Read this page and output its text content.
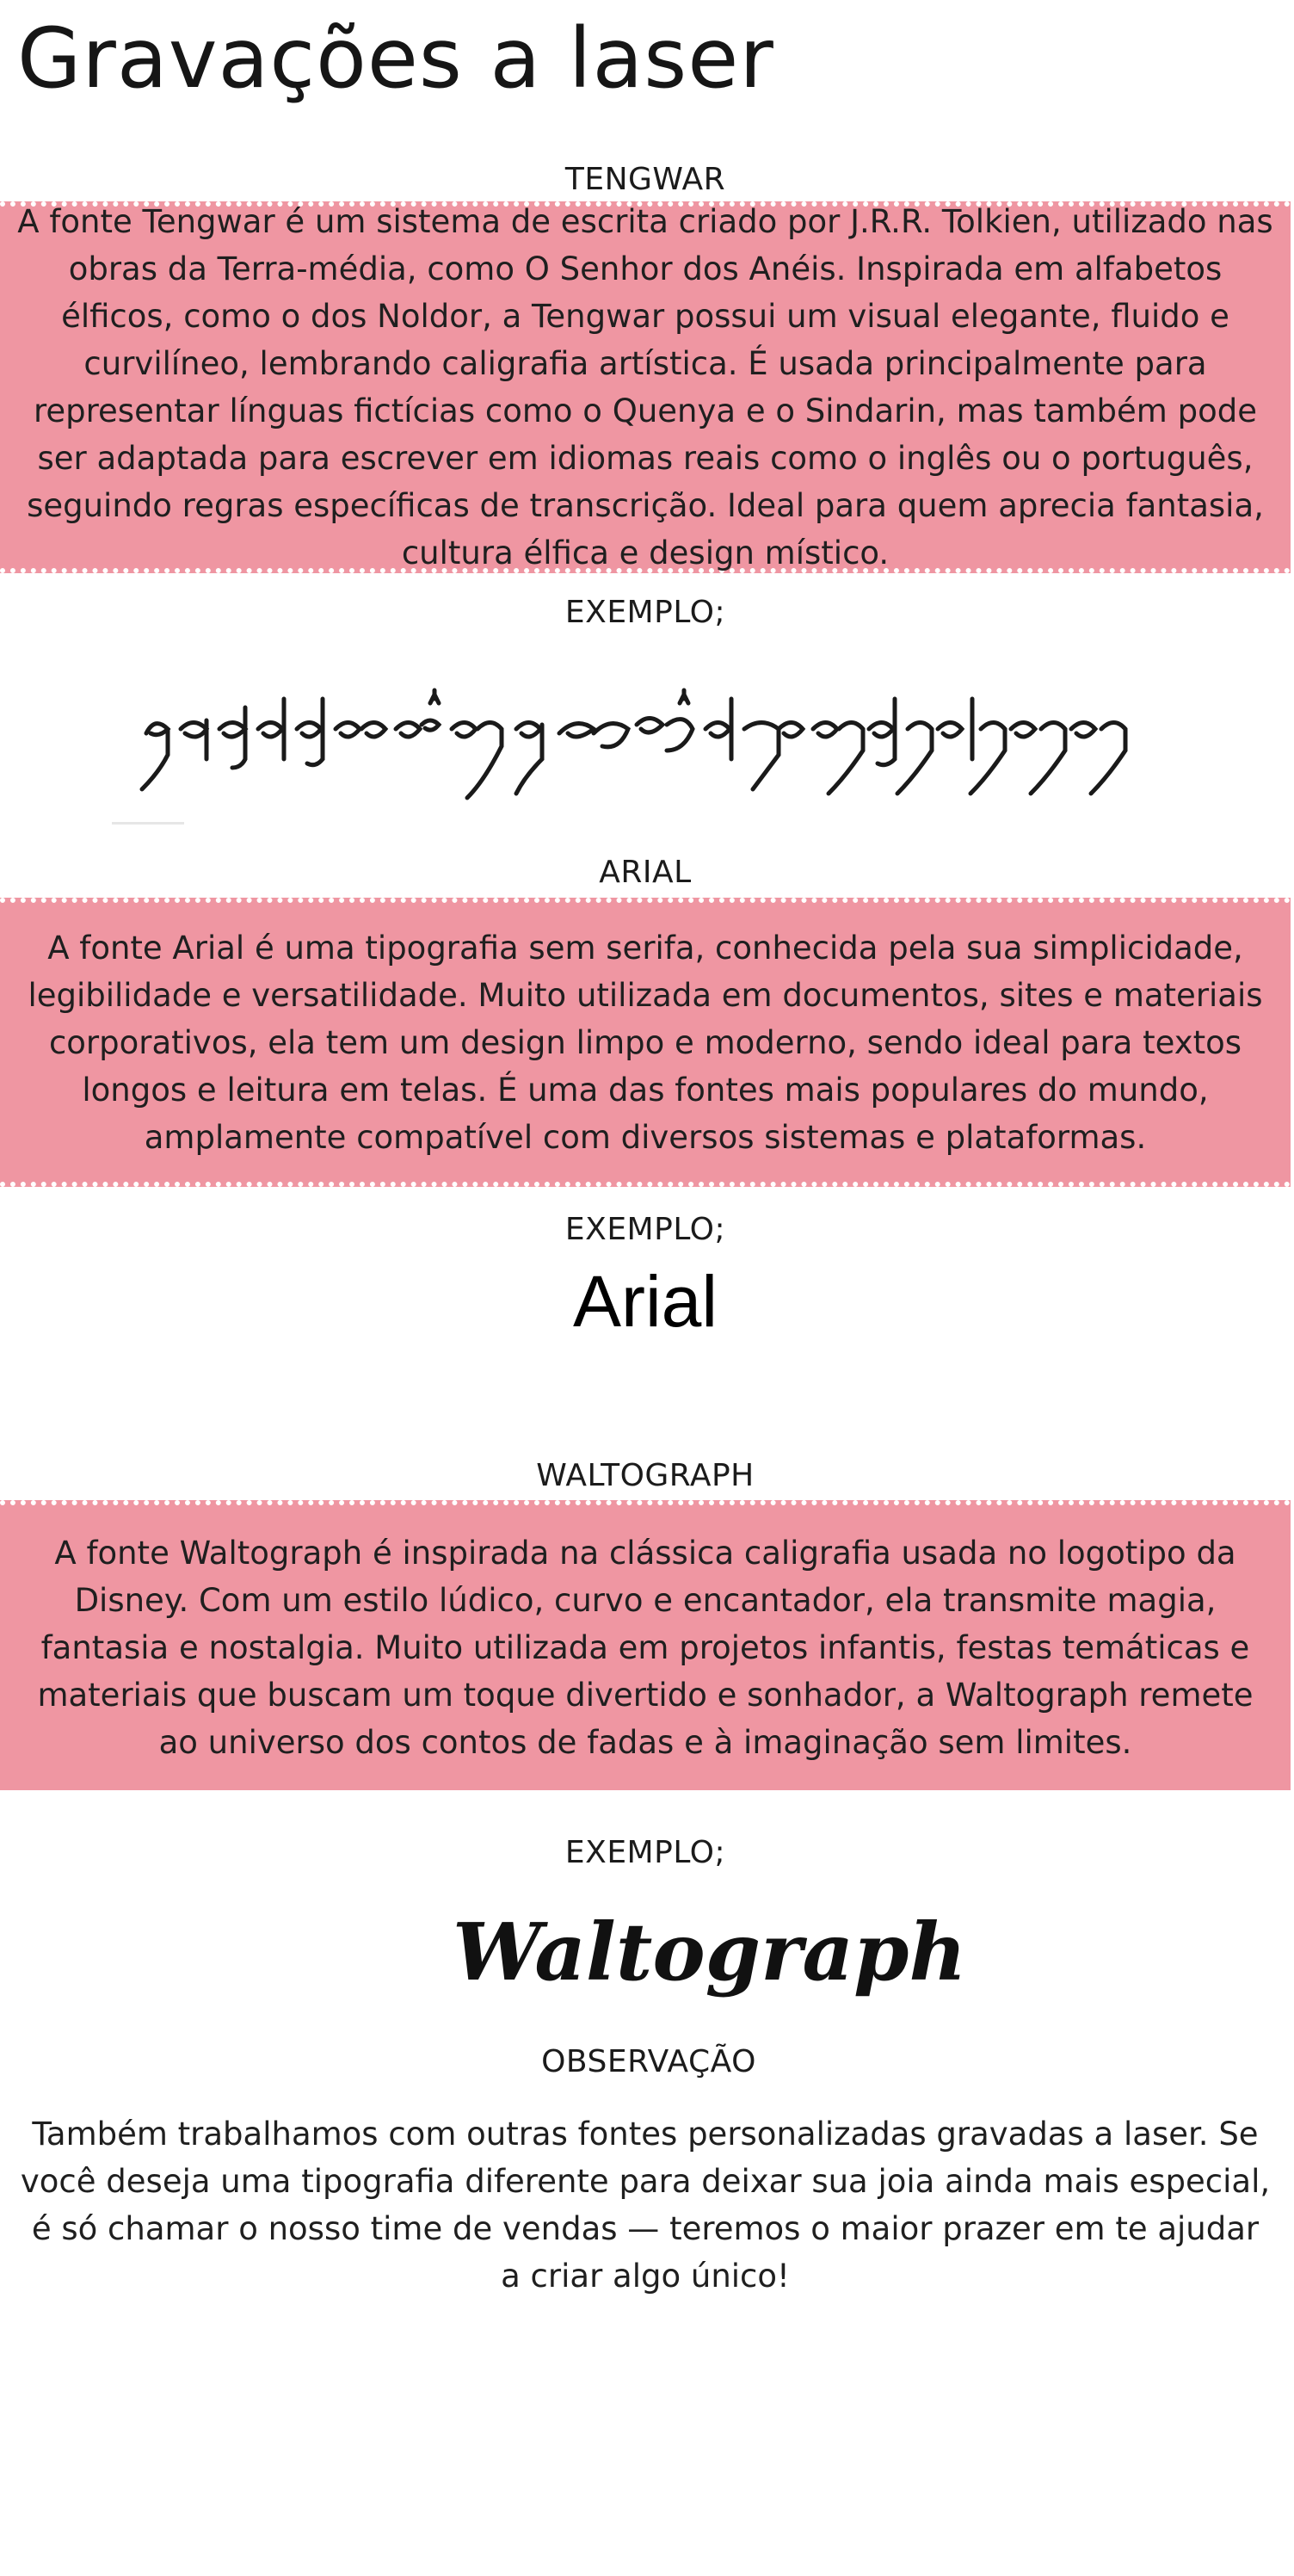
Gravações a laser
TENGWAR

A fonte Tengwar é um sistema de escrita criado por J.R.R. Tolkien, utilizado nas obras da Terra-média, como O Senhor dos Anéis. Inspirada em alfabetos élficos, como o dos Noldor, a Tengwar possui um visual elegante, fluido e curvilíneo, lembrando caligrafia artística. É usada principalmente para representar línguas fictícias como o Quenya e o Sindarin, mas também pode ser adaptada para escrever em idiomas reais como o inglês ou o português, seguindo regras específicas de transcrição. Ideal para quem aprecia fantasia, cultura élfica e design místico.

EXEMPLO;
ARIAL

A fonte Arial é uma tipografia sem serifa, conhecida pela sua simplicidade, legibilidade e versatilidade. Muito utilizada em documentos, sites e materiais corporativos, ela tem um design limpo e moderno, sendo ideal para textos longos e leitura em telas. É uma das fontes mais populares do mundo, amplamente compatível com diversos sistemas e plataformas.

EXEMPLO;
Arial
WALTOGRAPH

A fonte Waltograph é inspirada na clássica caligrafia usada no logotipo da Disney. Com um estilo lúdico, curvo e encantador, ela transmite magia, fantasia e nostalgia. Muito utilizada em projetos infantis, festas temáticas e materiais que buscam um toque divertido e sonhador, a Waltograph remete ao universo dos contos de fadas e à imaginação sem limites.

EXEMPLO;
Waltograph
OBSERVAÇÃO

Também trabalhamos com outras fontes personalizadas gravadas a laser. Se você deseja uma tipografia diferente para deixar sua joia ainda mais especial, é só chamar o nosso time de vendas — teremos o maior prazer em te ajudar a criar algo único!
